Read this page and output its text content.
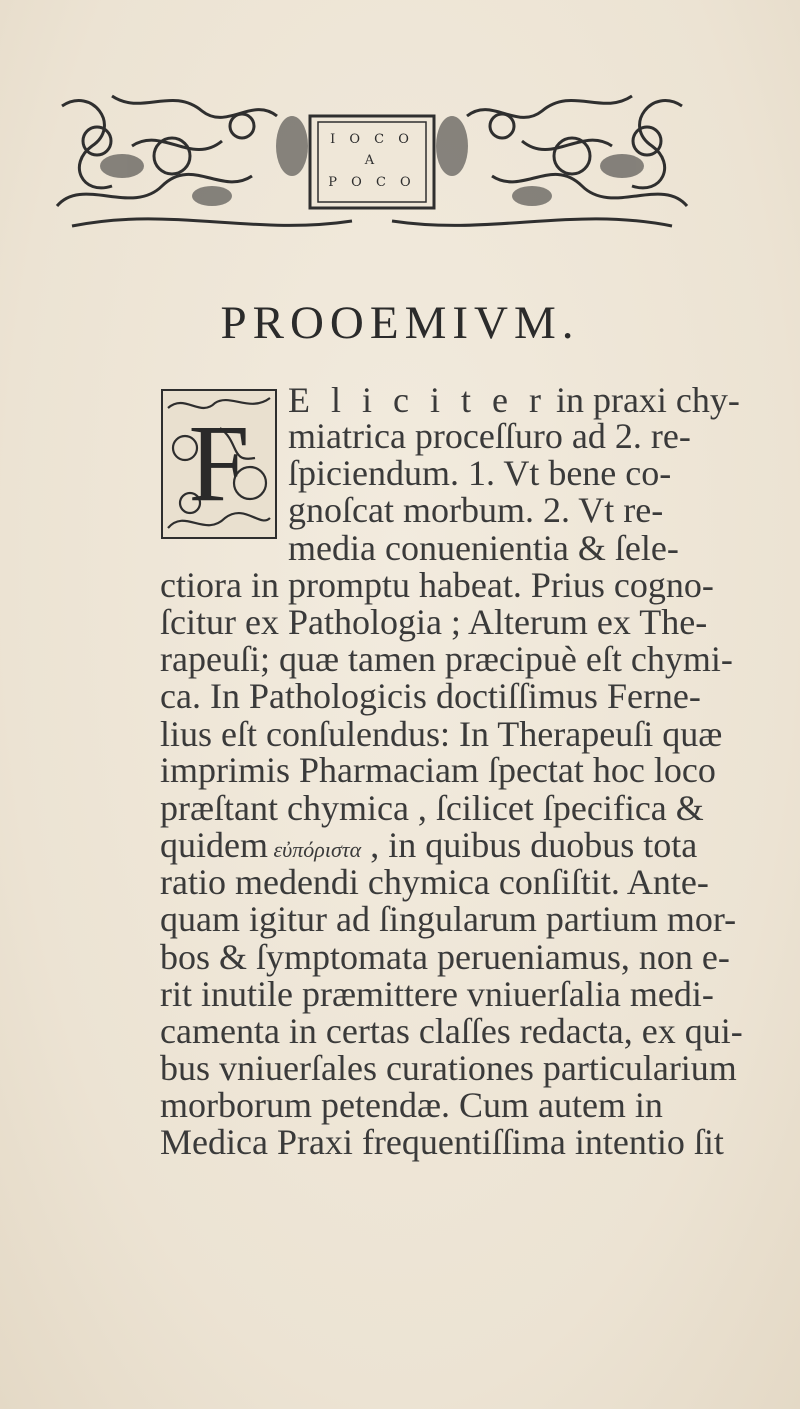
I O C O
A
P O C O
PROOEMIVM.
F
E l i c i t e r in praxi chy-
miatrica proceſſuro ad 2. re-
ſpiciendum. 1. Vt bene co-
gnoſcat morbum. 2. Vt re-
media conuenientia & ſele-
ctiora in promptu habeat. Prius cogno-
ſcitur ex Pathologia ; Alterum ex The-
rapeuſi; quæ tamen præcipuè eſt chymi-
ca. In Pathologicis doctiſſimus Ferne-
lius eſt conſulendus: In Therapeuſi quæ
imprimis Pharmaciam ſpectat hoc loco
præſtant chymica , ſcilicet ſpecifica &
quidem εὐπόριστα , in quibus duobus tota
ratio medendi chymica conſiſtit. Ante-
quam igitur ad ſingularum partium mor-
bos & ſymptomata perueniamus, non e-
rit inutile præmittere vniuerſalia medi-
camenta in certas claſſes redacta, ex qui-
bus vniuerſales curationes particularium
morborum petendæ. Cum autem in
Medica Praxi frequentiſſima intentio ſit
